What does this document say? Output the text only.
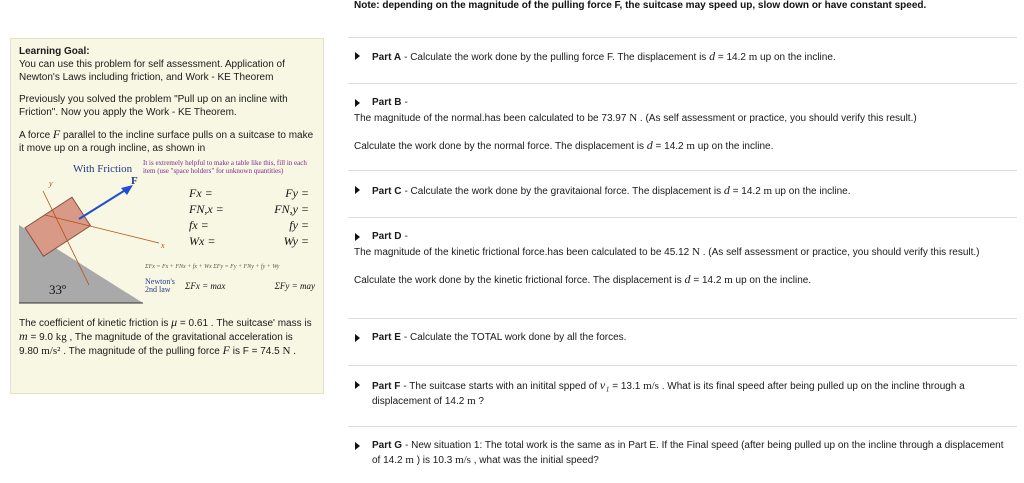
Learning Goal:

You can use this problem for self assessment. Application of Newton's Laws including friction, and Work - KE Theorem

Previously you solved the problem "Pull up on an incline with Friction". Now you apply the Work - KE Theorem.

A force F parallel to the incline surface pulls on a suitcase to make it move up on a rough incline, as shown in

With Friction
F
33º
y
x
It is extremely helpful to make a table like this, fill in each item (use "space holders" for unknown quantities)
Fx =	Fy =
FN,x =	FN,y =
fx =	fy =
Wx =	Wy =
ΣFx = Fx + FNx + fx + Wx ΣFy = Fy + FNy + fy + Wy
Newton's
2nd law	ΣFx = max	ΣFy = may

The coefficient of kinetic friction is μ = 0.61 . The suitcase' mass is m = 9.0 kg , The magnitude of the gravitational acceleration is 9.80 m/s² . The magnitude of the pulling force F is F = 74.5 N .

Note: depending on the magnitude of the pulling force F, the suitcase may speed up, slow down or have constant speed.
Part A - Calculate the work done by the pulling force F. The displacement is d = 14.2 m up on the incline.
Part B -
The magnitude of the normal.has been calculated to be 73.97 N . (As self assessment or practice, you should verify this result.)
Calculate the work done by the normal force. The displacement is d = 14.2 m up on the incline.
Part C - Calculate the work done by the gravitaional force. The displacement is d = 14.2 m up on the incline.
Part D -
The magnitude of the kinetic frictional force.has been calculated to be 45.12 N . (As self assessment or practice, you should verify this result.)
Calculate the work done by the kinetic frictional force. The displacement is d = 14.2 m up on the incline.
Part E - Calculate the TOTAL work done by all the forces.
Part F - The suitcase starts with an initital spped of v₁ = 13.1 m/s . What is its final speed after being pulled up on the incline through a displacement of 14.2 m ?
Part G - New situation 1: The total work is the same as in Part E. If the Final speed (after being pulled up on the incline through a displacement of 14.2 m ) is 10.3 m/s , what was the initial speed?
